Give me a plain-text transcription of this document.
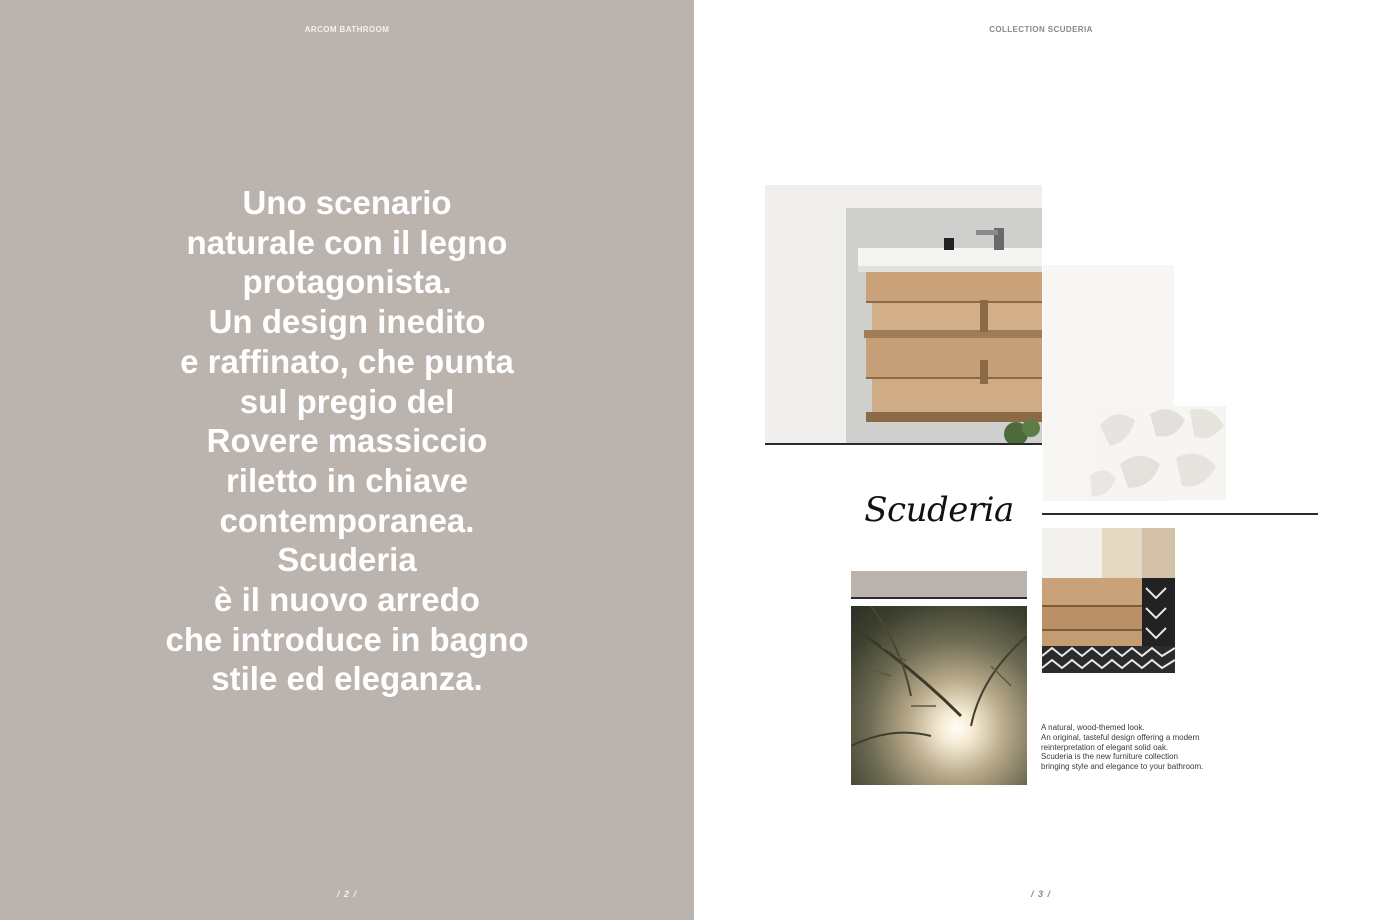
ARCOM BATHROOM

Uno scenario
naturale con il legno
protagonista.
Un design inedito
e raffinato, che punta
sul pregio del
Rovere massiccio
riletto in chiave
contemporanea.
Scuderia
è il nuovo arredo
che introduce in bagno
stile ed eleganza.

/ 2 /
COLLECTION SCUDERIA
Scuderia
A natural, wood-themed look.
An original, tasteful design offering a modern
reinterpretation of elegant solid oak.
Scuderia is the new furniture collection
bringing style and elegance to your bathroom.
/ 3 /
